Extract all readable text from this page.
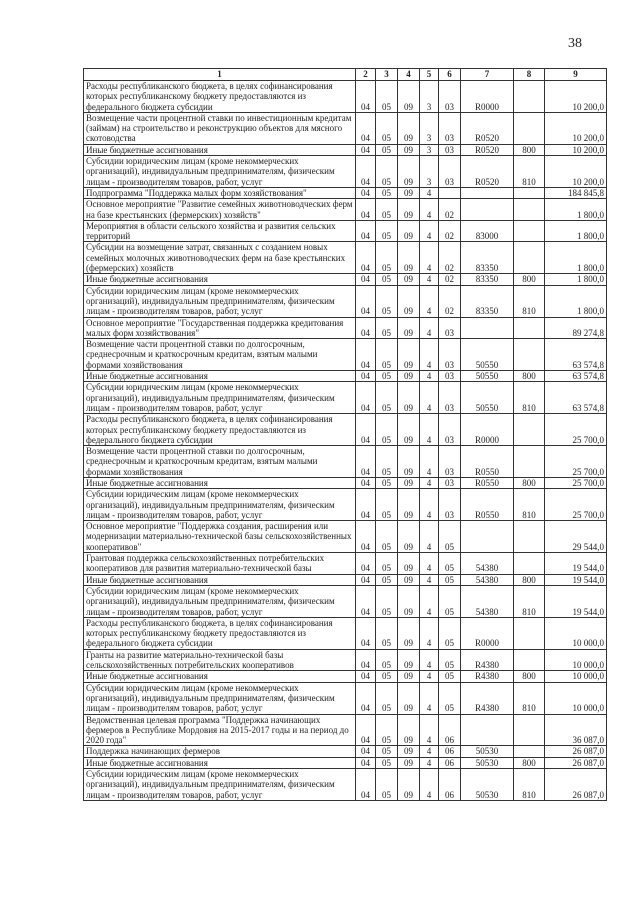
38
1	2	3	4	5	6	7	8	9
Расходы республиканского бюджета, в целях софинансирования которых республиканскому бюджету предоставляются из федерального бюджета субсидии	04	05	09	3	03	R0000		10 200,0
Возмещение части процентной ставки по инвестиционным кредитам (займам) на строительство и реконструкцию объектов для мясного скотоводства	04	05	09	3	03	R0520		10 200,0
Иные бюджетные ассигнования	04	05	09	3	03	R0520	800	10 200,0
Субсидии юридическим лицам (кроме некоммерческих организаций), индивидуальным предпринимателям, физическим лицам - производителям товаров, работ, услуг	04	05	09	3	03	R0520	810	10 200,0
Подпрограмма "Поддержка малых форм хозяйствования"	04	05	09	4				184 845,8
Основное мероприятие "Развитие семейных животноводческих ферм на базе крестьянских (фермерских) хозяйств"	04	05	09	4	02			1 800,0
Мероприятия в области сельского хозяйства и развития сельских территорий	04	05	09	4	02	83000		1 800,0
Субсидии на возмещение затрат, связанных с созданием новых семейных молочных животноводческих ферм на базе крестьянских (фермерских) хозяйств	04	05	09	4	02	83350		1 800,0
Иные бюджетные ассигнования	04	05	09	4	02	83350	800	1 800,0
Субсидии юридическим лицам (кроме некоммерческих организаций), индивидуальным предпринимателям, физическим лицам - производителям товаров, работ, услуг	04	05	09	4	02	83350	810	1 800,0
Основное мероприятие "Государственная поддержка кредитования малых форм хозяйствования"	04	05	09	4	03			89 274,8
Возмещение части процентной ставки по долгосрочным, среднесрочным и краткосрочным кредитам, взятым малыми формами хозяйствования	04	05	09	4	03	50550		63 574,8
Иные бюджетные ассигнования	04	05	09	4	03	50550	800	63 574,8
Субсидии юридическим лицам (кроме некоммерческих организаций), индивидуальным предпринимателям, физическим лицам - производителям товаров, работ, услуг	04	05	09	4	03	50550	810	63 574,8
Расходы республиканского бюджета, в целях софинансирования которых республиканскому бюджету предоставляются из федерального бюджета субсидии	04	05	09	4	03	R0000		25 700,0
Возмещение части процентной ставки по долгосрочным, среднесрочным и краткосрочным кредитам, взятым малыми формами хозяйствования	04	05	09	4	03	R0550		25 700,0
Иные бюджетные ассигнования	04	05	09	4	03	R0550	800	25 700,0
Субсидии юридическим лицам (кроме некоммерческих организаций), индивидуальным предпринимателям, физическим лицам - производителям товаров, работ, услуг	04	05	09	4	03	R0550	810	25 700,0
Основное мероприятие "Поддержка создания, расширения или модернизации материально-технической базы сельскохозяйственных кооперативов"	04	05	09	4	05			29 544,0
Грантовая поддержка сельскохозяйственных потребительских кооперативов для развития материально-технической базы	04	05	09	4	05	54380		19 544,0
Иные бюджетные ассигнования	04	05	09	4	05	54380	800	19 544,0
Субсидии юридическим лицам (кроме некоммерческих организаций), индивидуальным предпринимателям, физическим лицам - производителям товаров, работ, услуг	04	05	09	4	05	54380	810	19 544,0
Расходы республиканского бюджета, в целях софинансирования которых республиканскому бюджету предоставляются из федерального бюджета субсидии	04	05	09	4	05	R0000		10 000,0
Гранты на развитие материально-технической базы сельскохозяйственных потребительских кооперативов	04	05	09	4	05	R4380		10 000,0
Иные бюджетные ассигнования	04	05	09	4	05	R4380	800	10 000,0
Субсидии юридическим лицам (кроме некоммерческих организаций), индивидуальным предпринимателям, физическим лицам - производителям товаров, работ, услуг	04	05	09	4	05	R4380	810	10 000,0
Ведомственная целевая программа "Поддержка начинающих фермеров в Республике Мордовия на 2015-2017 годы и на период до 2020 года"	04	05	09	4	06			36 087,0
Поддержка начинающих фермеров	04	05	09	4	06	50530		26 087,0
Иные бюджетные ассигнования	04	05	09	4	06	50530	800	26 087,0
Субсидии юридическим лицам (кроме некоммерческих организаций), индивидуальным предпринимателям, физическим лицам - производителям товаров, работ, услуг	04	05	09	4	06	50530	810	26 087,0
